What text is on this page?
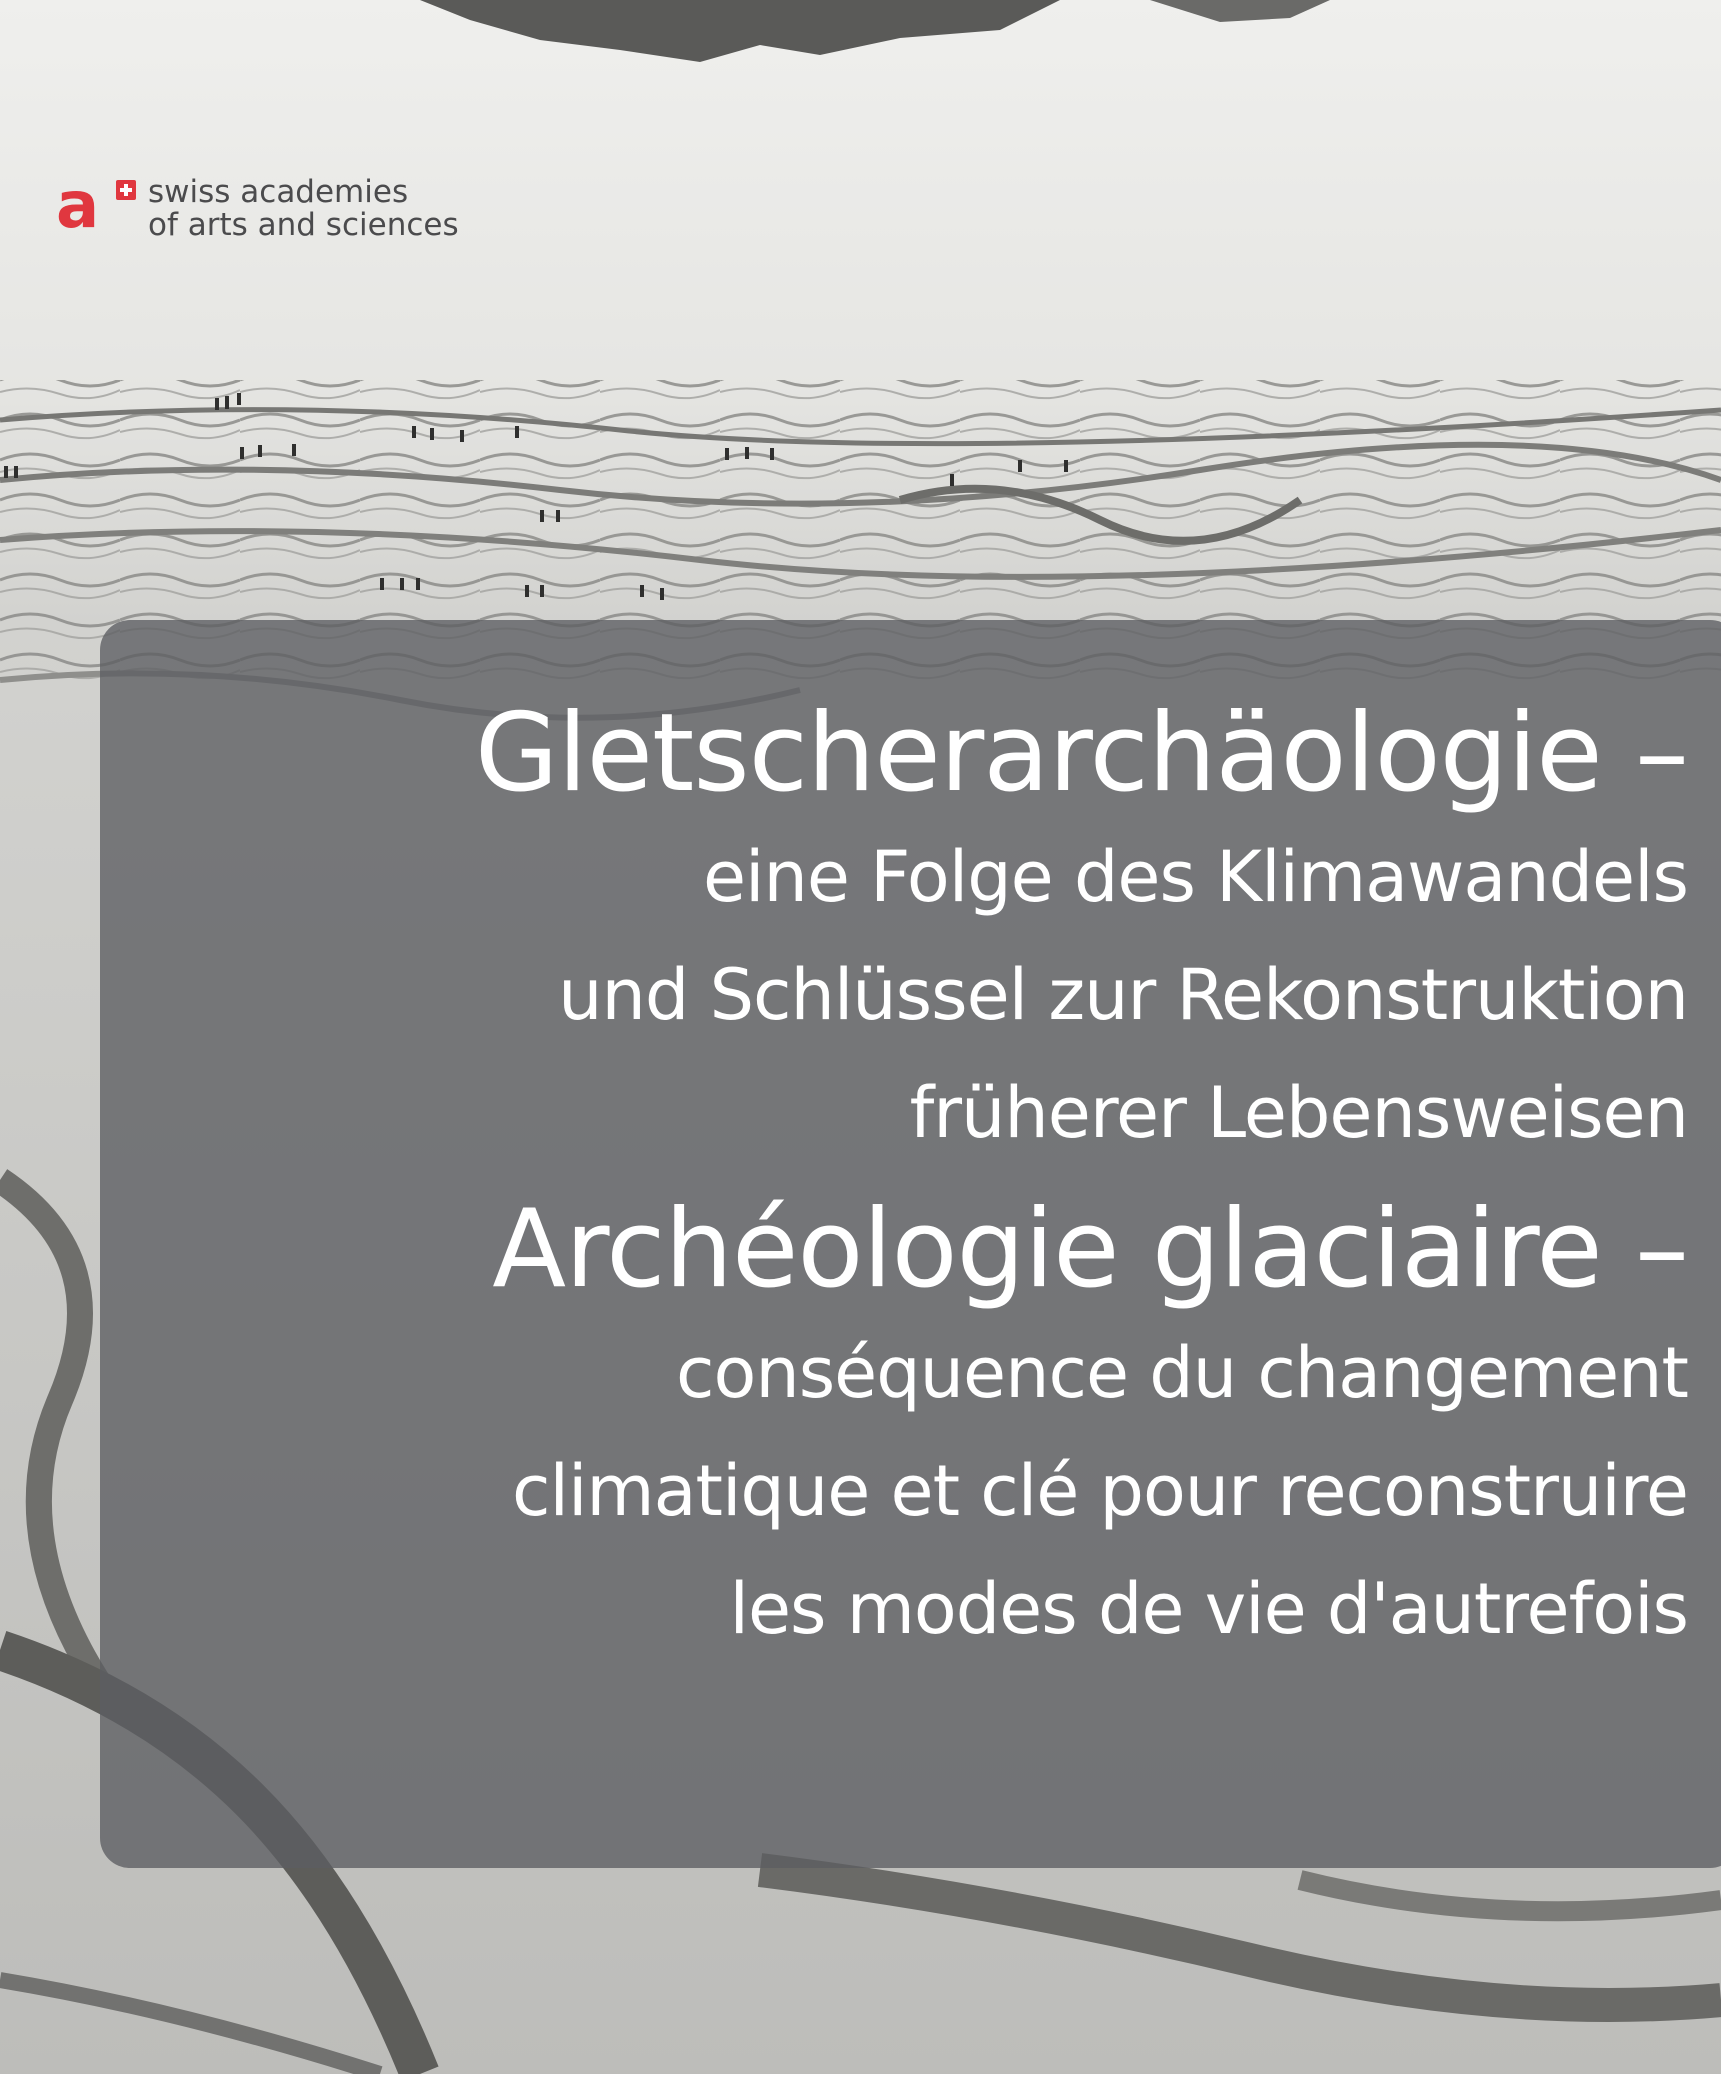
a swiss academies
of arts and sciences
Gletscherarchäologie –
eine Folge des Klimawandels
und Schlüssel zur Rekonstruktion
früherer Lebensweisen
Archéologie glaciaire –
conséquence du changement
climatique et clé pour reconstruire
les modes de vie d'autrefois
